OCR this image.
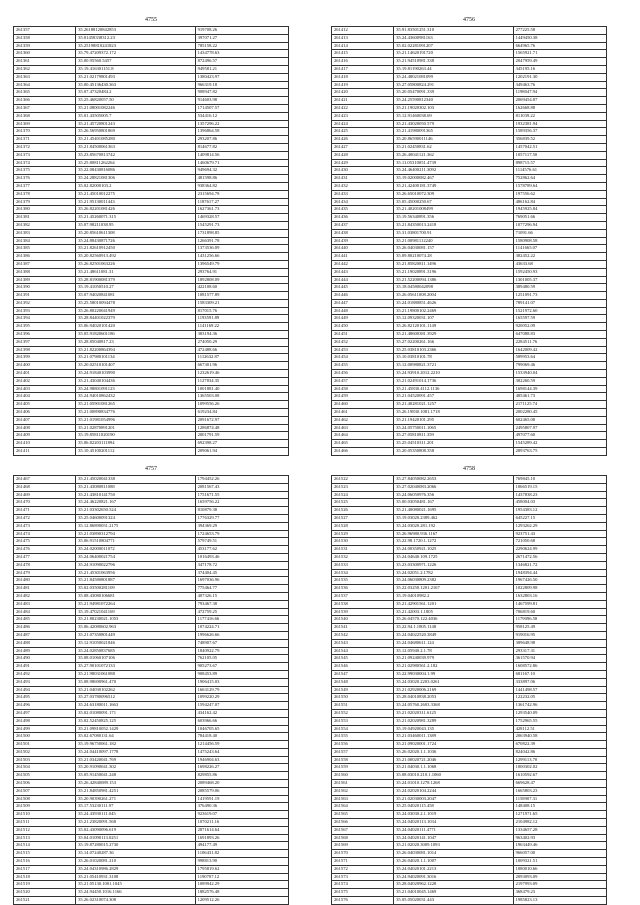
4755
261357	35.26188120842853	919708.26
261358	35.01458338312.23	397071.27
261359	35.25198810241823	785158.22
261360	35.79.47209372.172	1434778.63
261361	35.00.95560.5457	872496.57
261362	35.19.416301151.8	949581.21
261363	35.21.02179801493	1380423.97
261364	35.00.45136430.363	966319.18
261365	35.07.47320484.2	908947.82
261366	35.25.46820057.50	914603.98
261367	35.21.08001082246	1714507.57
261368	35.01.43505005.7	534416.12
261369	35.21.45720801243	1357296.22
261370	35.26.56950801869	1396864.58
261371	35.21.45401085280	293207.86
261372	35.21.84500061363	814677.82
261373	35.23.85670813742	1409814.56
261374	35.25.80811262264	1460679.71
261375	35.22.08430816086	949694.32
261376	35.24.28821081306	481598.86
261377	35.02.82000103.2	938364.82
261378	35.21.45010012275	2315694.78
261379	35.21.95130011443	1187617.27
261380	35.26.82201081426	1627361.73
261381	35.21.45260071.315	1469328.57
261382	35.07.98211038.95	1545291.73
261383	35.20.85610611308	1731898.85
261384	35.24.88430871726	1266391.78
261385	35.21.82610912450	1373536.09
261386	35.20.82560913.492	1431256.66
261387	35.26.82501063226	1396549.79
261388	35.21.48611081.31	293764.91
261389	35.28.81900081379	1892808.09
261390	35.19.41050510.27	422108.60
261391	35.07.94020841081	1081577.89
261392	35.25.58010094478	1583309.21
261393	35.26.80220041949	817015.76
261394	35.28.84401022379	1193591.89
261395	35.06.94020101420	1141169.22
261396	35.05.91820601186	383194.36
261397	35.28.85040817.23	274050.29
261398	35.21.82200864394	472488.66
261399	35.21.07980101134	1112632.87
261400	35.20.02510101407	667301.96
261401	35.24.91840103990	1232619.46
261402	35.21.43040104436	1127834.35
261403	35.24.98801091123	1001881.40
261404	35.24.94010862432	1365503.08
261405	35.21.05901081265	1099556.26
261406	35.21.00890834776	619234.84
261407	35.21.01981054996	2091672.97
261408	35.21.02870891201	1286874.48
261409	35.19.85811020190	2001791.59
261410	35.06.82203111894	692398.27
261411	35.10.45100201112	209061.94
4756
261412	35.91.83501251.310	277225.58
261413	35.24.43600981163	1449450.38
261414	35.02.02281091207	664965.76
261415	35.21.14620191720	1565921.71
261416	35.21.94510981.338	2047959.49
261417	35.19.81190263.44	345195.16
261418	35.24.48021081099	1202191.30
261419	35.27.05800824.291	349463.76
261420	35.20.05470091.339	1198047.94
261421	35.24.25590812340	2069454.87
261422	35.21.19020302.103	162668.88
261423	35.12.91460038.69	811039.22
261424	35.21.43020050.579	1932381.94
261425	35.21.41980091365	1589356.37
261426	35.20.86590011146	356839.52
261427	35.21.02450831.62	1457042.51
261428	35.26.40041121.362	1057117.50
261429	35.11.05310051.4739	898715.57
261430	35.24.46400211.3092	1114576.61
261431	35.19.02000082.467	752862.64
261432	35.21.42400181.3749	1578789.64
261433	35.26.65010072.309	197556.62
261434	35.05.45000250.67	486162.84
261435	35.21.40201008499	1945925.84
261436	35.19.56340891.356	769051.66
261437	35.21.84350013.2418	1077296.94
261438	35.31.03801700.91	71091.66
261439	35.21.00981112240	1580908.58
261440	35.26.04030081.157	1141665.07
261441	35.09.80210074.28	382452.22
261442	35.21.85820811.1496	43633.68
261443	35.21.19020891.3196	1592450.93
261444	35.21.52200094.1386	1301005.37
261445	35.18.04580042098	389480.59
261446	35.26.05611008.2004	1251091.73
261447	35.24.01880851.4626	789141.07
261448	35.21.19800102.2469	1521972.60
261449	35.12.09320031.107	165597.59
261450	35.26.82120101.1149	920052.09
261451	35.21.48600381.3929	647088.83
261452	35.27.02200261.166	2284511.76
261453	35.25.03810103.2366	1642009.42
261454	35.10.03810101.78	589953.64
261455	35.12.00980821.3721	799069.46
261456	35.24.93910.2012.2210	1533940.04
261457	35.21.02491014.1736	382260.59
261458	35.21.45830.4112.1136	1698144.39
261459	35.21.04520091.457	485461.73
261460	35.21.40281021.1257	2171125.74
261461	35.26.19830.1081.1718	2002280.45
261462	35.21.19420101.295	602465.08
261463	35.24.05750011.1065	2495807.97
261464	35.27.05810811.359	497077.60
261465	35.25.04510311.201	1545289.42
261466	35.20.05350808.358	2893763.75
4757
261467	35.21.45020041338	1794452.26
261468	35.21.43080811088	2081567.43
261469	35.21.43810141750	1751671.55
261470	35.24.46220821.167	1659756.22
261471	35.21.03302650.524	810879.38
261472	35.25.04600091324	1776329.77
261473	35.12.86890051.2175	394369.29
261474	35.21.03890312794	1724653.79
261475	35.06.91510804771	579749.51
261476	35.24.02000011072	453177.62
261477	35.24.06400021754	1016493.46
261478	35.24.91090022796	347178.72
261479	35.21.45301063956	374404.45
261480	35.21.84580801887	1697036.96
261481	35.02.03500281109	775464.77
261482	35.08.43080106681	407326.15
261483	35.21.94981072264	793467.38
261484	35.19.47021041169	472759.25
261485	35.21.80230021.1053	1177416.66
261486	35.06.42080602.963	1074224.71
261487	35.21.07350801449	1996626.66
261488	35.12.91050021846	748907.67
261489	35.24.02850837685	1840922.79
261490	35.08.01060107106	762105.05
261491	35.27.90101072133	905273.67
261492	35.21.98031061088	908453.89
261493	35.08.98690961.470	1906415.03
261494	35.21.04030102262	1663129.79
261495	35.27.03780096512	1099220.29
261496	35.24.63180011.1663	1594247.07
261497	35.02.01080091.171	434162.42
261498	35.02.52450825.125	603966.66
261499	35.21.09810052.1429	1046705.65
261500	35.02.67080131.64	784418.40
261501	35.19.96750061.182	1214456.59
261502	35.24.04410097.1778	1475243.64
261503	35.21.03420041.769	1946904.63
261504	35.20.91090041.302	1698226.27
261505	35.05.91450041.248	829855.86
261506	35.26.42840089.153	2089468.20
261507	35.21.84850981.4251	2085579.06
261508	35.20.90390261.271	1419591.19
261509	35.17.53230111.97	376490.36
261510	35.24.43930111.045	923619.07
261511	35.21.23820091.568	1070211.16
261512	35.02.43090096.619	2871614.64
261513	35.04.01090113.0251	1691893.26
261514	35.19.87280015.2730	494177.49
261515	35.14.07240287.36	1106431.82
261516	35.26.01020081.210	998813.90
261517	35.24.04310986.2829	1795819.62
261518	35.21.05410931.3108	1190707.12
261519	35.21.05130.1001.1045	1089942.29
261520	35.24.94450.1016.1166	1882576.48
261521	35.26.02310074.308	1209512.26
4758
261522	35.27.84050082.2653	769845.10
261523	35.27.02040083.2066	1066519.15
261524	35.24.06050976.356	1437838.23
261525	35.00.03050481.167	458004.03
261526	35.21.40080021.1695	1954383.12
261527	35.19.03020.2389.462	645227.15
261528	35.24.03020.281.192	1293262.29
261529	35.26.96980.936.1167	923751.43
261530	35.22.98.1720.1.1272	721050.68
261531	35.24.00350921.1025	2290624.99
261532	35.24.04640.109.1725	2671472.56
261533	35.23.03300971.1226	1346821.72
261534	35.24.02051.2.1782	1948394.44
261535	35.24.06030809.2382	1967426.50
261536	35.22.03250.1201.2167	1022809.98
261537	35.19.04010982.2	1632803.16
261538	35.21.42901561.1201	1467599.81
261539	35.21.42003.1.1805	706819.60
261540	35.26.04570.122.4036	1179096.58
261541	35.22.94.1.1805.1148	958125.49
261542	35.24.04022520.3849	919016.95
261543	35.24.04680611.124	389648.98
261544	35.12.05940.2.1.78	293317.31
261545	35.21.09240039.979	361570.94
261546	35.21.02980561.2.182	1608572.86
261547	35.22.99030004.1.99	681167.10
261548	35.24.03020.2203.0261	333897.06
261549	35.21.02920006.2169	1441498.57
261550	35.28.04010838.2053	122232.05
261551	35.24.05760.2603.3368	1361742.96
261552	35.21.02020311.6125	1293540.09
261553	35.21.02020981.3289	1752965.55
261554	35.19.04920043.135	428112.51
261555	35.21.03460011.1389	2063940.58
261556	35.21.09020001.1724	670822.39
261557	35.26.02020.1.1.1036	824042.86
261558	35.21.00020721.2046	1299113.70
261559	35.21.04030.1.1.1068	1000302.02
261560	35.08.03010.210.1.1060	1610592.67
261561	35.24.01010.1278.1268	669628.47
261562	35.24.02020104.2244	1665803.23
261563	35.21.02030003.2047	1158907.31
261564	35.25.04020115.458	148408.15
261565	35.24.03030.2.1.1019	1271971.65
261566	35.24.04020113.1034	2104982.12
261567	35.24.04020111.4771	1334657.28
261568	35.24.04020141.1047	963402.93
261569	35.21.02020.3009.1093	1963449.46
261570	35.26.04030081.1014	966057.00
261571	35.26.04020.1.1.1007	1009321.51
261572	35.24.04020101.2213	1080010.66
261573	35.24.94020091.3016	2093093.09
261574	35.28.04020962.1228	2197993.09
261575	35.21.04010045.1469	368479.23
261576	35.05.05020031.443	1985823.13
